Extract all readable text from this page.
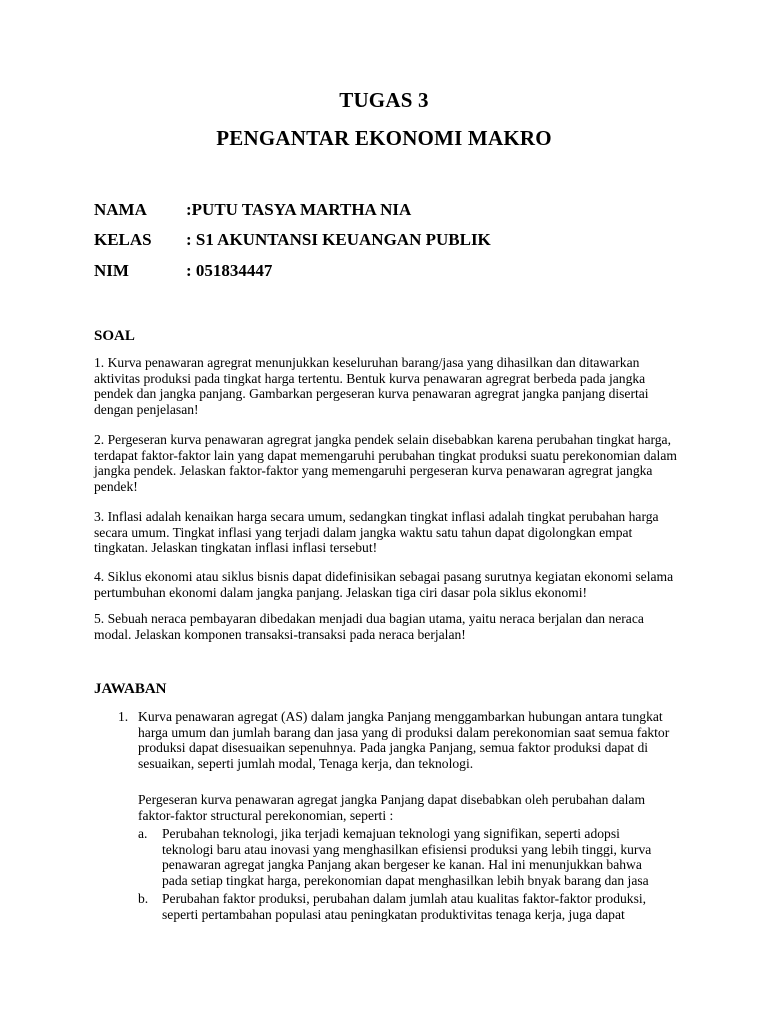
TUGAS 3
PENGANTAR EKONOMI MAKRO
NAMA	:PUTU TASYA MARTHA NIA
KELAS	: S1 AKUNTANSI KEUANGAN PUBLIK
NIM	: 051834447
SOAL

1. Kurva penawaran agregrat menunjukkan keseluruhan barang/jasa yang dihasilkan dan ditawarkan aktivitas produksi pada tingkat harga tertentu. Bentuk kurva penawaran agregrat berbeda pada jangka pendek dan jangka panjang. Gambarkan pergeseran kurva penawaran agregrat jangka panjang disertai dengan penjelasan!

2. Pergeseran kurva penawaran agregrat jangka pendek selain disebabkan karena perubahan tingkat harga, terdapat faktor-faktor lain yang dapat memengaruhi perubahan tingkat produksi suatu perekonomian dalam jangka pendek. Jelaskan faktor-faktor yang memengaruhi pergeseran kurva penawaran agregrat jangka pendek!

3. Inflasi adalah kenaikan harga secara umum, sedangkan tingkat inflasi adalah tingkat perubahan harga secara umum. Tingkat inflasi yang terjadi dalam jangka waktu satu tahun dapat digolongkan empat tingkatan. Jelaskan tingkatan inflasi inflasi tersebut!

4. Siklus ekonomi atau siklus bisnis dapat didefinisikan sebagai pasang surutnya kegiatan ekonomi selama pertumbuhan ekonomi dalam jangka panjang. Jelaskan tiga ciri dasar pola siklus ekonomi!

5. Sebuah neraca pembayaran dibedakan menjadi dua bagian utama, yaitu neraca berjalan dan neraca modal. Jelaskan komponen transaksi-transaksi pada neraca berjalan!

JAWABAN
1. Kurva penawaran agregat (AS) dalam jangka Panjang menggambarkan hubungan antara tungkat harga umum dan jumlah barang dan jasa yang di produksi dalam perekonomian saat semua faktor produksi dapat disesuaikan sepenuhnya. Pada jangka Panjang, semua faktor produksi dapat di sesuaikan, seperti jumlah modal, Tenaga kerja, dan teknologi.

Pergeseran kurva penawaran agregat jangka Panjang dapat disebabkan oleh perubahan dalam faktor-faktor structural perekonomian, seperti :

a. Perubahan teknologi, jika terjadi kemajuan teknologi yang signifikan, seperti adopsi teknologi baru atau inovasi yang menghasilkan efisiensi produksi yang lebih tinggi, kurva penawaran agregat jangka Panjang akan bergeser ke kanan. Hal ini menunjukkan bahwa pada setiap tingkat harga, perekonomian dapat menghasilkan lebih bnyak barang dan jasa

b. Perubahan faktor produksi, perubahan dalam jumlah atau kualitas faktor-faktor produksi, seperti pertambahan populasi atau peningkatan produktivitas tenaga kerja, juga dapat
